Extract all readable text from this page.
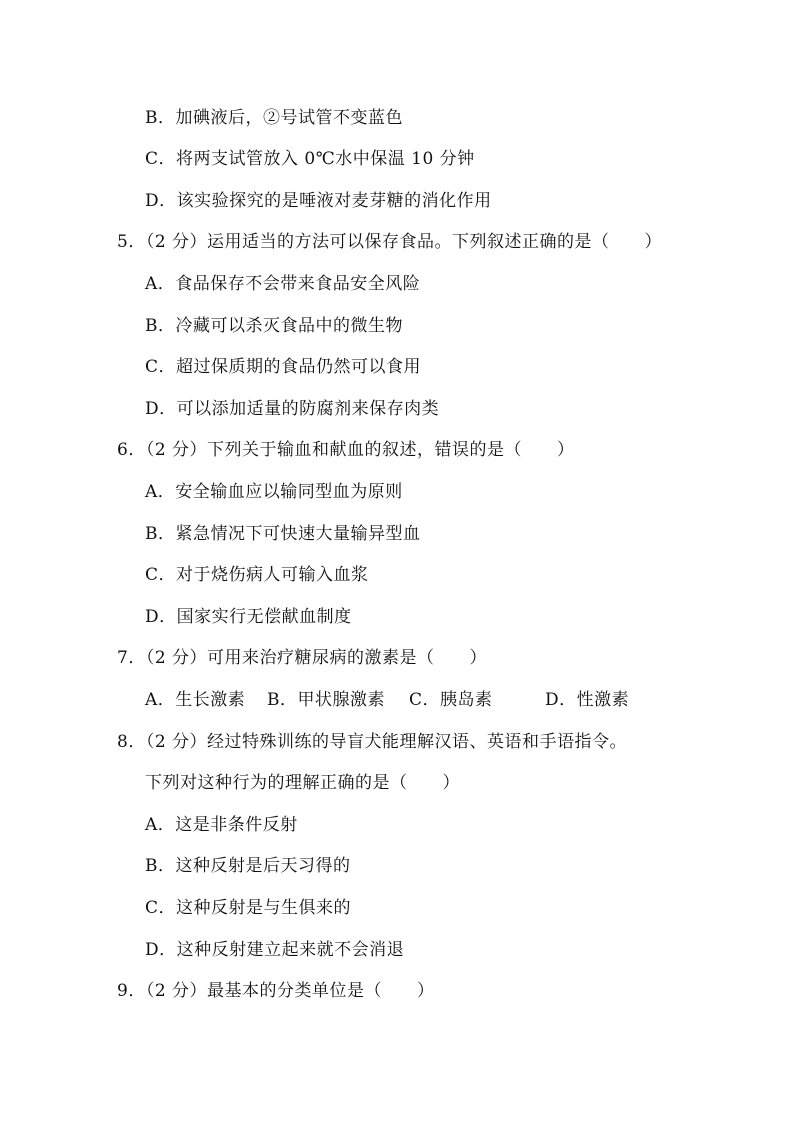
B．加碘液后，②号试管不变蓝色
C．将两支试管放入 0℃水中保温 10 分钟
D．该实验探究的是唾液对麦芽糖的消化作用
5．（2 分）运用适当的方法可以保存食品。下列叙述正确的是（　　）
A．食品保存不会带来食品安全风险
B．冷藏可以杀灭食品中的微生物
C．超过保质期的食品仍然可以食用
D．可以添加适量的防腐剂来保存肉类
6．（2 分）下列关于输血和献血的叙述，错误的是（　　）
A．安全输血应以输同型血为原则
B．紧急情况下可快速大量输异型血
C．对于烧伤病人可输入血浆
D．国家实行无偿献血制度
7．（2 分）可用来治疗糖尿病的激素是（　　）
A．生长激素 B．甲状腺激素 C．胰岛素	D．性激素
8．（2 分）经过特殊训练的导盲犬能理解汉语、英语和手语指令。
下列对这种行为的理解正确的是（　　）
A．这是非条件反射
B．这种反射是后天习得的
C．这种反射是与生俱来的
D．这种反射建立起来就不会消退
9．（2 分）最基本的分类单位是（　　）
